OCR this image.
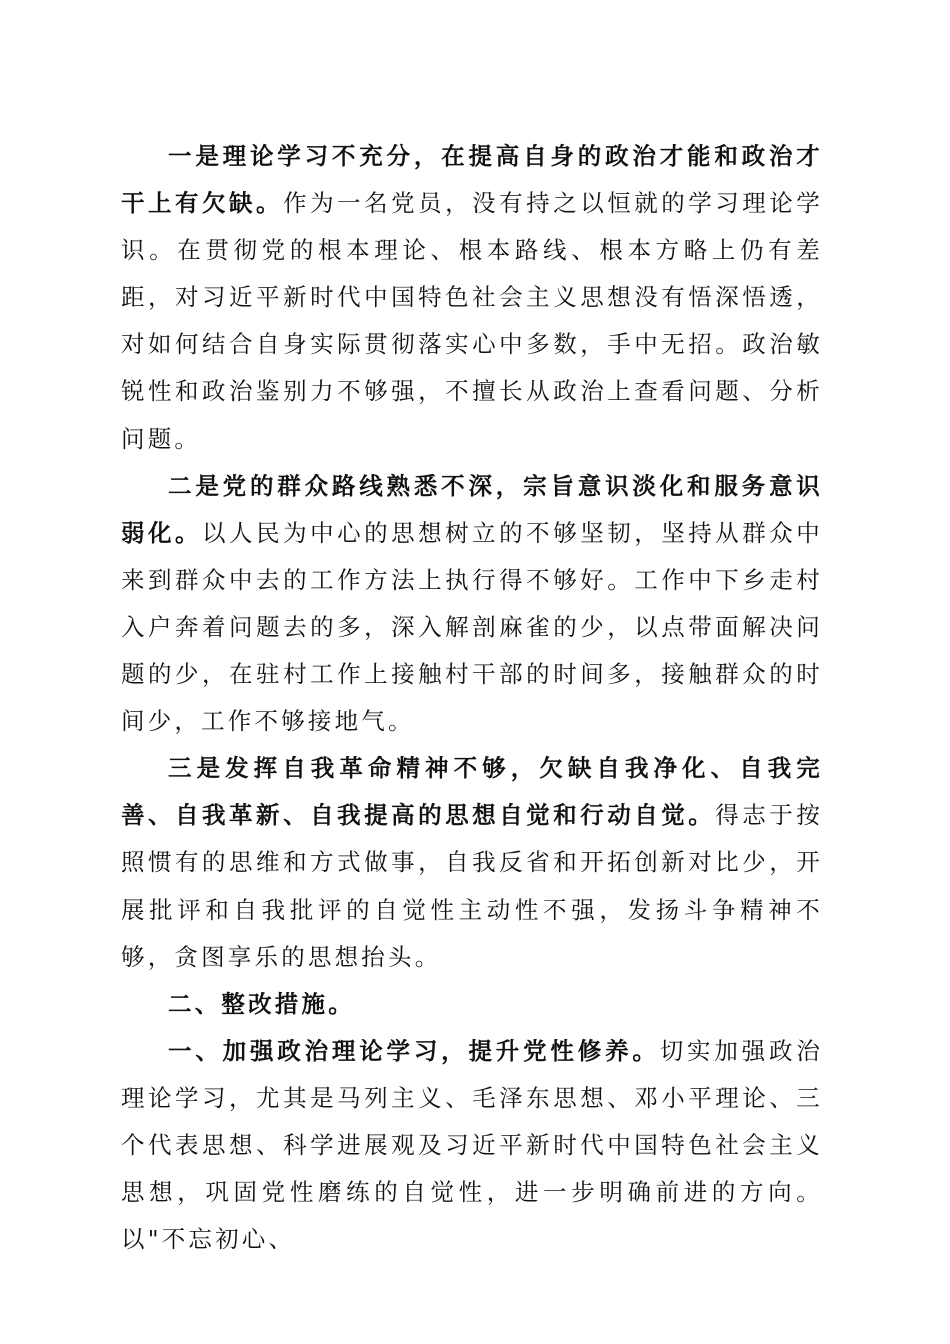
一是理论学习不充分，在提高自身的政治才能和政治才干上有欠缺。作为一名党员，没有持之以恒就的学习理论学识。在贯彻党的根本理论、根本路线、根本方略上仍有差距，对习近平新时代中国特色社会主义思想没有悟深悟透，对如何结合自身实际贯彻落实心中多数，手中无招。政治敏锐性和政治鉴别力不够强，不擅长从政治上查看问题、分析问题。

二是党的群众路线熟悉不深，宗旨意识淡化和服务意识弱化。以人民为中心的思想树立的不够坚韧，坚持从群众中来到群众中去的工作方法上执行得不够好。工作中下乡走村入户奔着问题去的多，深入解剖麻雀的少，以点带面解决问题的少，在驻村工作上接触村干部的时间多，接触群众的时间少，工作不够接地气。

三是发挥自我革命精神不够，欠缺自我净化、自我完善、自我革新、自我提高的思想自觉和行动自觉。得志于按照惯有的思维和方式做事，自我反省和开拓创新对比少，开展批评和自我批评的自觉性主动性不强，发扬斗争精神不够，贪图享乐的思想抬头。

二、整改措施。

一、加强政治理论学习，提升党性修养。切实加强政治理论学习，尤其是马列主义、毛泽东思想、邓小平理论、三个代表思想、科学进展观及习近平新时代中国特色社会主义思想，巩固党性磨练的自觉性，进一步明确前进的方向。以"不忘初心、
